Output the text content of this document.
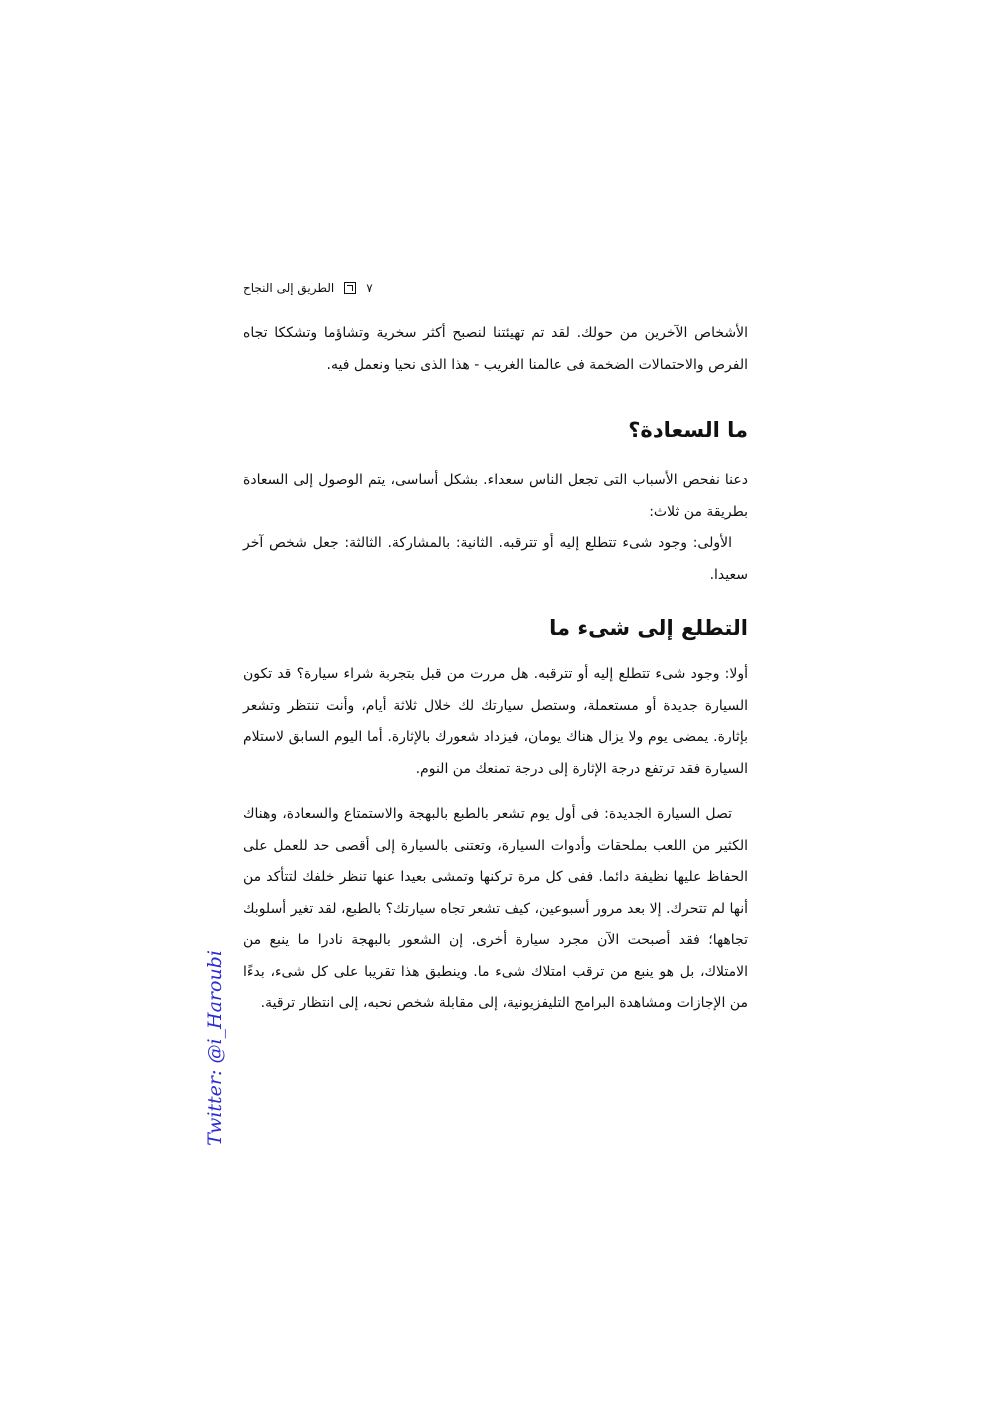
الطريق إلى النجاح	٧

الأشخاص الآخرين من حولك. لقد تم تهيئتنا لنصبح أكثر سخرية وتشاؤما وتشككا تجاه الفرص والاحتمالات الضخمة فى عالمنا الغريب - هذا الذى نحيا ونعمل فيه.

ما السعادة؟

دعنا نفحص الأسباب التى تجعل الناس سعداء. بشكل أساسى، يتم الوصول إلى السعادة بطريقة من ثلاث:

الأولى: وجود شىء تتطلع إليه أو تترقبه. الثانية: بالمشاركة. الثالثة: جعل شخص آخر سعيدا.

التطلع إلى شىء ما

أولا: وجود شىء تتطلع إليه أو تترقبه. هل مررت من قبل بتجربة شراء سيارة؟ قد تكون السيارة جديدة أو مستعملة، وستصل سيارتك لك خلال ثلاثة أيام، وأنت تنتظر وتشعر بإثارة. يمضى يوم ولا يزال هناك يومان، فيزداد شعورك بالإثارة. أما اليوم السابق لاستلام السيارة فقد ترتفع درجة الإثارة إلى درجة تمنعك من النوم.

تصل السيارة الجديدة: فى أول يوم تشعر بالطبع بالبهجة والاستمتاع والسعادة، وهناك الكثير من اللعب بملحقات وأدوات السيارة، وتعتنى بالسيارة إلى أقصى حد للعمل على الحفاظ عليها نظيفة دائما. ففى كل مرة تركنها وتمشى بعيدا عنها تنظر خلفك لتتأكد من أنها لم تتحرك. إلا بعد مرور أسبوعين، كيف تشعر تجاه سيارتك؟ بالطبع، لقد تغير أسلوبك تجاهها؛ فقد أصبحت الآن مجرد سيارة أخرى. إن الشعور بالبهجة نادرا ما ينبع من الامتلاك، بل هو ينبع من ترقب امتلاك شىء ما. وينطبق هذا تقريبا على كل شىء، بدءًا من الإجازات ومشاهدة البرامج التليفزيونية، إلى مقابلة شخص نحبه، إلى انتظار ترقية.

Twitter: @i_Haroubi
